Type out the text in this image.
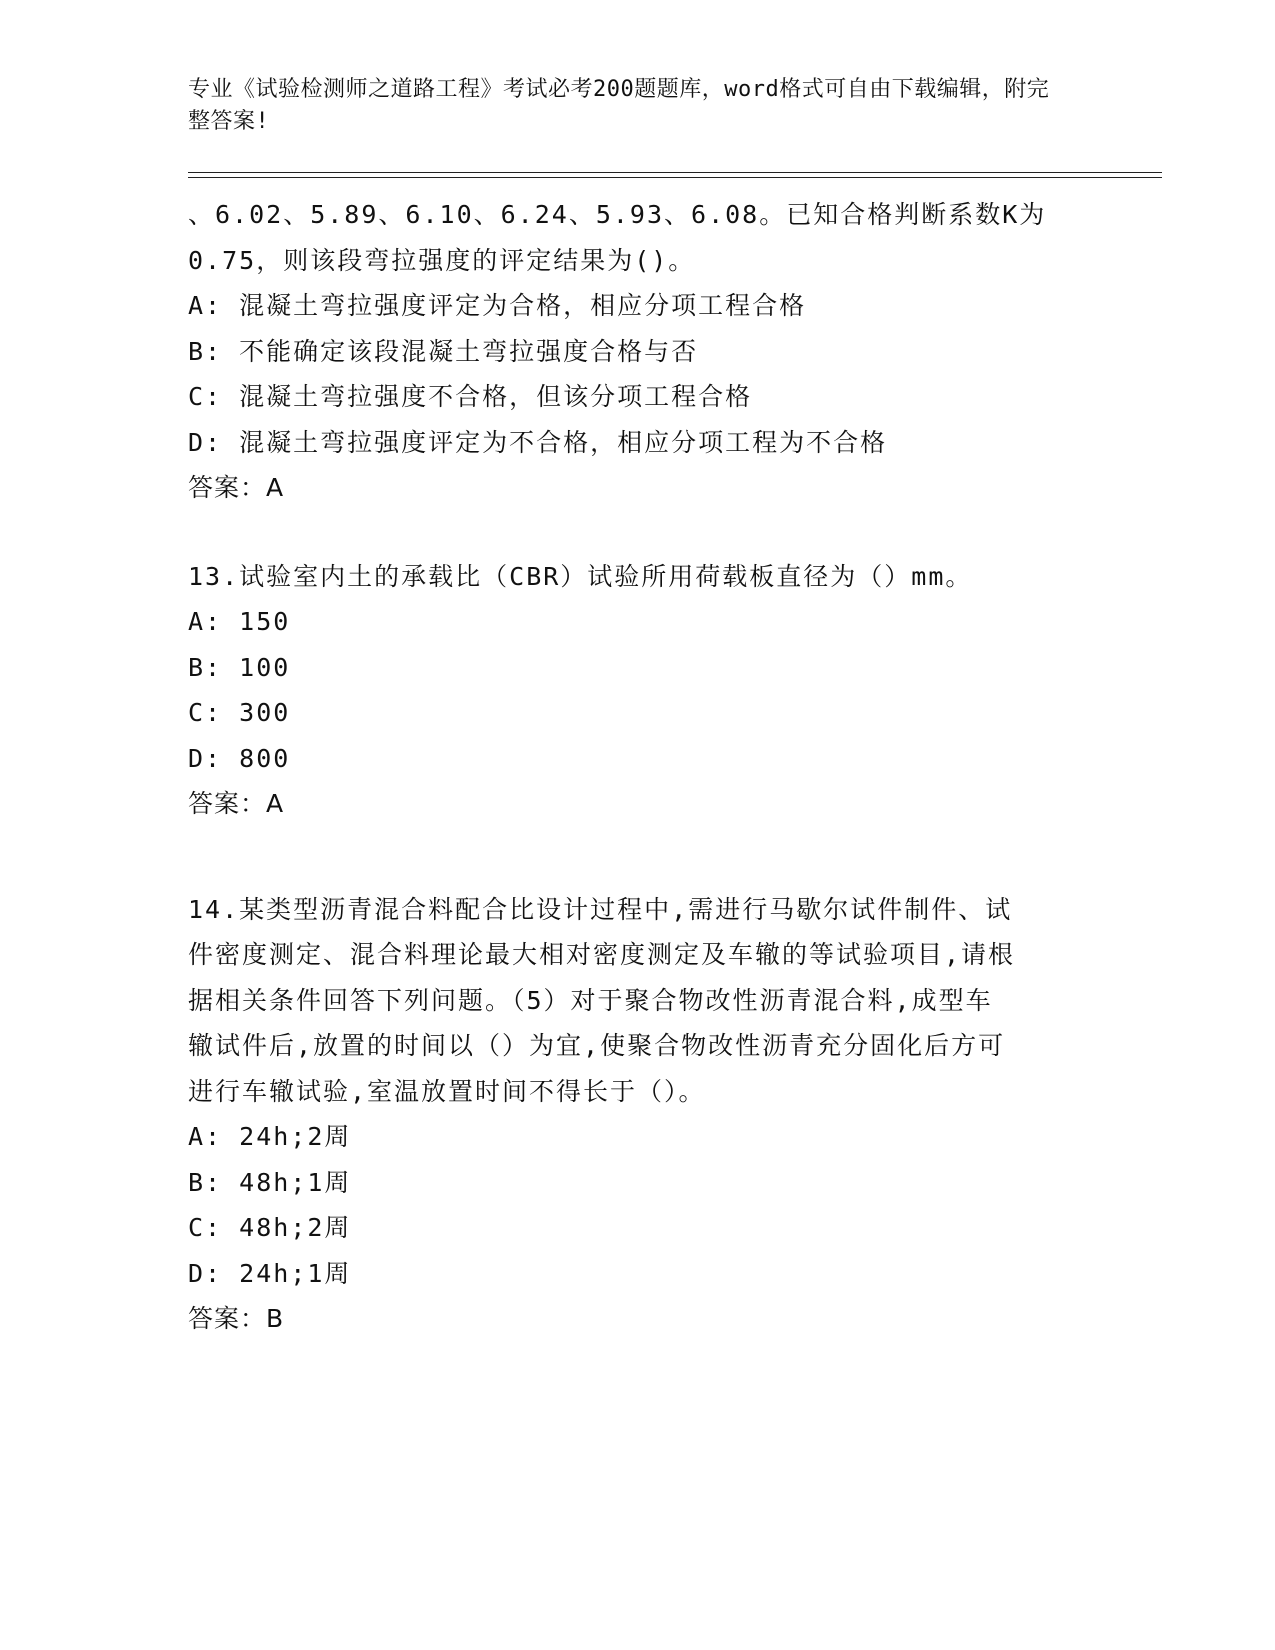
专业《试验检测师之道路工程》考试必考200题题库，word格式可自由下载编辑，附完整答案!
、6.02、5.89、6.10、6.24、5.93、6.08。已知合格判断系数K为
0.75，则该段弯拉强度的评定结果为()。
A: 混凝土弯拉强度评定为合格，相应分项工程合格
B: 不能确定该段混凝土弯拉强度合格与否
C: 混凝土弯拉强度不合格，但该分项工程合格
D: 混凝土弯拉强度评定为不合格，相应分项工程为不合格
答案：A
13.试验室内土的承载比（CBR）试验所用荷载板直径为（）mm。
A: 150
B: 100
C: 300
D: 800
答案：A
14.某类型沥青混合料配合比设计过程中,需进行马歇尔试件制件、试
件密度测定、混合料理论最大相对密度测定及车辙的等试验项目,请根
据相关条件回答下列问题。（5）对于聚合物改性沥青混合料,成型车
辙试件后,放置的时间以（）为宜,使聚合物改性沥青充分固化后方可
进行车辙试验,室温放置时间不得长于（）。
A: 24h;2周
B: 48h;1周
C: 48h;2周
D: 24h;1周
答案：B
